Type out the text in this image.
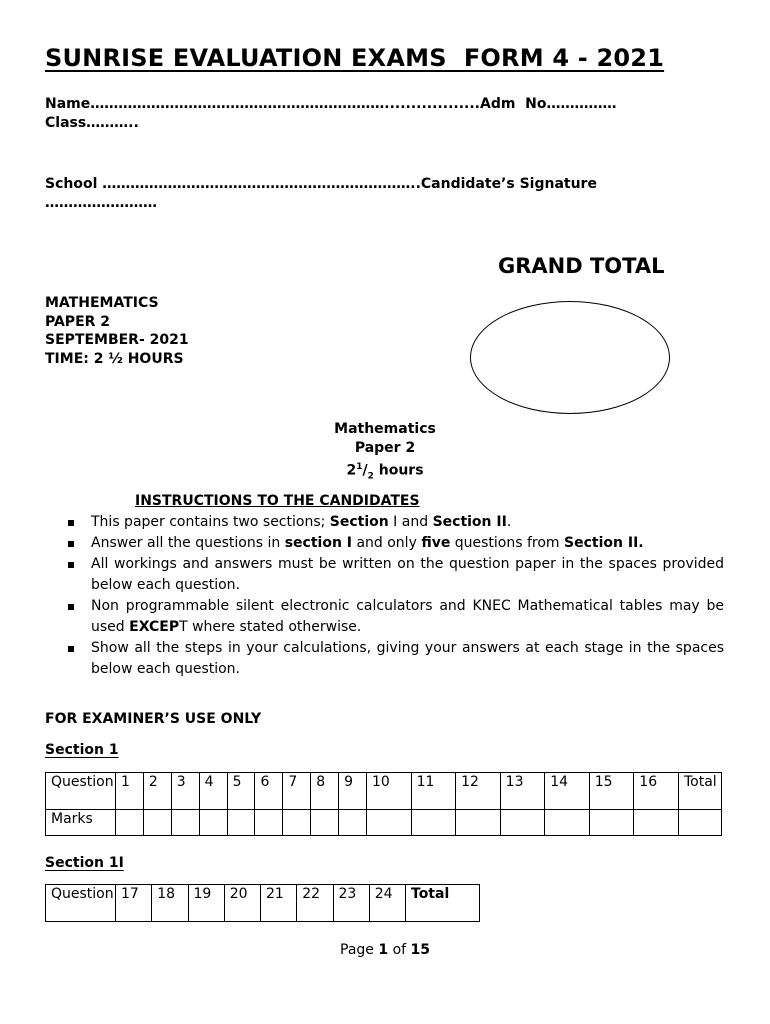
SUNRISE EVALUATION EXAMS  FORM 4 - 2021
Name………………………………………………………..................Adm  No……………
Class………..
School …………………………………………………………..Candidate’s Signature
……………………
GRAND TOTAL
MATHEMATICS
PAPER 2
SEPTEMBER- 2021
TIME: 2 ½ HOURS
Mathematics
Paper 2
$2^1/_2$ hours
INSTRUCTIONS TO THE CANDIDATES
This paper contains two sections; Section I and Section II.
Answer all the questions in section I and only five questions from Section II.
All workings and answers must be written on the question paper in the spaces provided below each question.
Non programmable silent electronic calculators and KNEC Mathematical tables may be used EXCEPT where stated otherwise.
Show all the steps in your calculations, giving your answers at each stage in the spaces below each question.
FOR EXAMINER’S USE ONLY
Section 1
Question	1	2	3	4	5	6	7	8	9	10	11	12	13	14	15	16	Total
Marks																	
Section 1I
Question	17	18	19	20	21	22	23	24	Total
Page 1 of 15
